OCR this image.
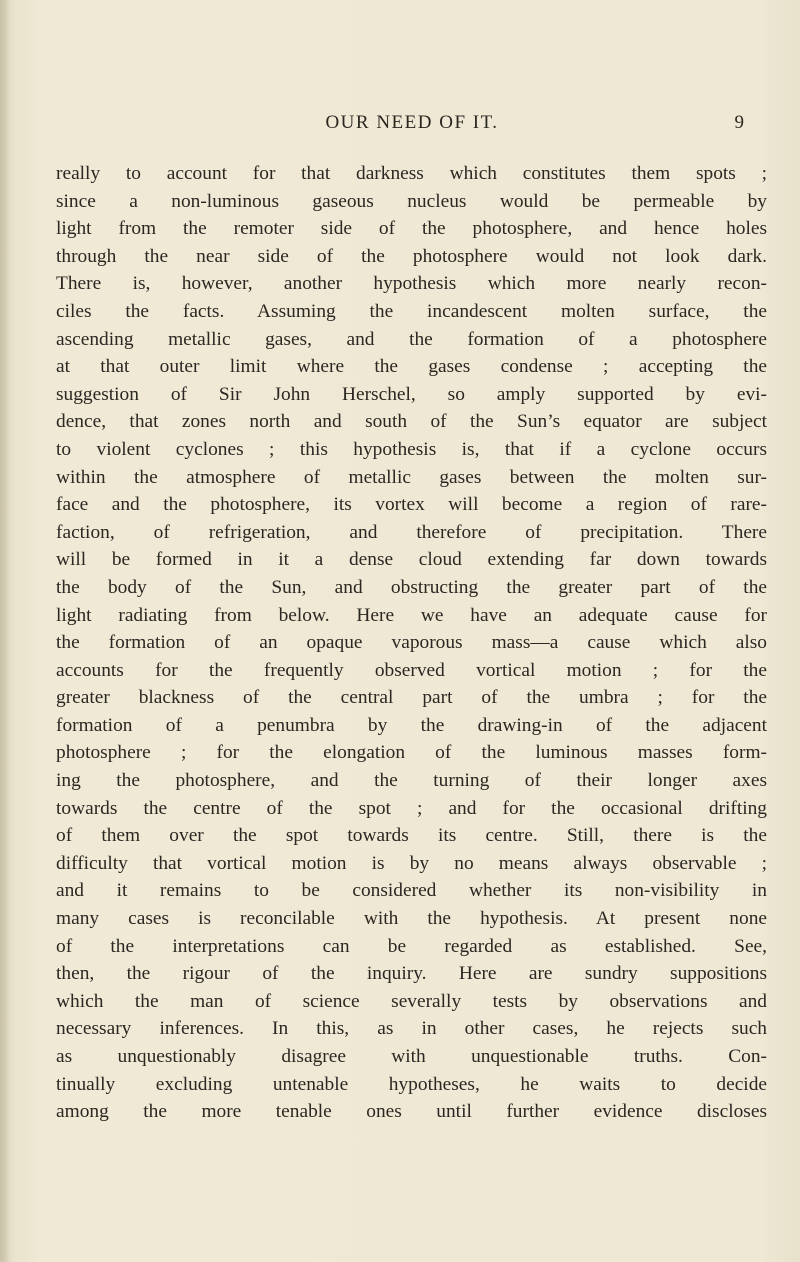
OUR NEED OF IT.	9
really to account for that darkness which constitutes them spots ;
since a non-luminous gaseous nucleus would be permeable by
light from the remoter side of the photosphere, and hence holes
through the near side of the photosphere would not look dark.
There is, however, another hypothesis which more nearly recon-
ciles the facts. Assuming the incandescent molten surface, the
ascending metallic gases, and the formation of a photosphere
at that outer limit where the gases condense ; accepting the
suggestion of Sir John Herschel, so amply supported by evi-
dence, that zones north and south of the Sun’s equator are subject
to violent cyclones ; this hypothesis is, that if a cyclone occurs
within the atmosphere of metallic gases between the molten sur-
face and the photosphere, its vortex will become a region of rare-
faction, of refrigeration, and therefore of precipitation. There
will be formed in it a dense cloud extending far down towards
the body of the Sun, and obstructing the greater part of the
light radiating from below. Here we have an adequate cause for
the formation of an opaque vaporous mass—a cause which also
accounts for the frequently observed vortical motion ; for the
greater blackness of the central part of the umbra ; for the
formation of a penumbra by the drawing-in of the adjacent
photosphere ; for the elongation of the luminous masses form-
ing the photosphere, and the turning of their longer axes
towards the centre of the spot ; and for the occasional drifting
of them over the spot towards its centre. Still, there is the
difficulty that vortical motion is by no means always observable ;
and it remains to be considered whether its non-visibility in
many cases is reconcilable with the hypothesis. At present none
of the interpretations can be regarded as established. See,
then, the rigour of the inquiry. Here are sundry suppositions
which the man of science severally tests by observations and
necessary inferences. In this, as in other cases, he rejects such
as unquestionably disagree with unquestionable truths. Con-
tinually excluding untenable hypotheses, he waits to decide
among the more tenable ones until further evidence discloses
